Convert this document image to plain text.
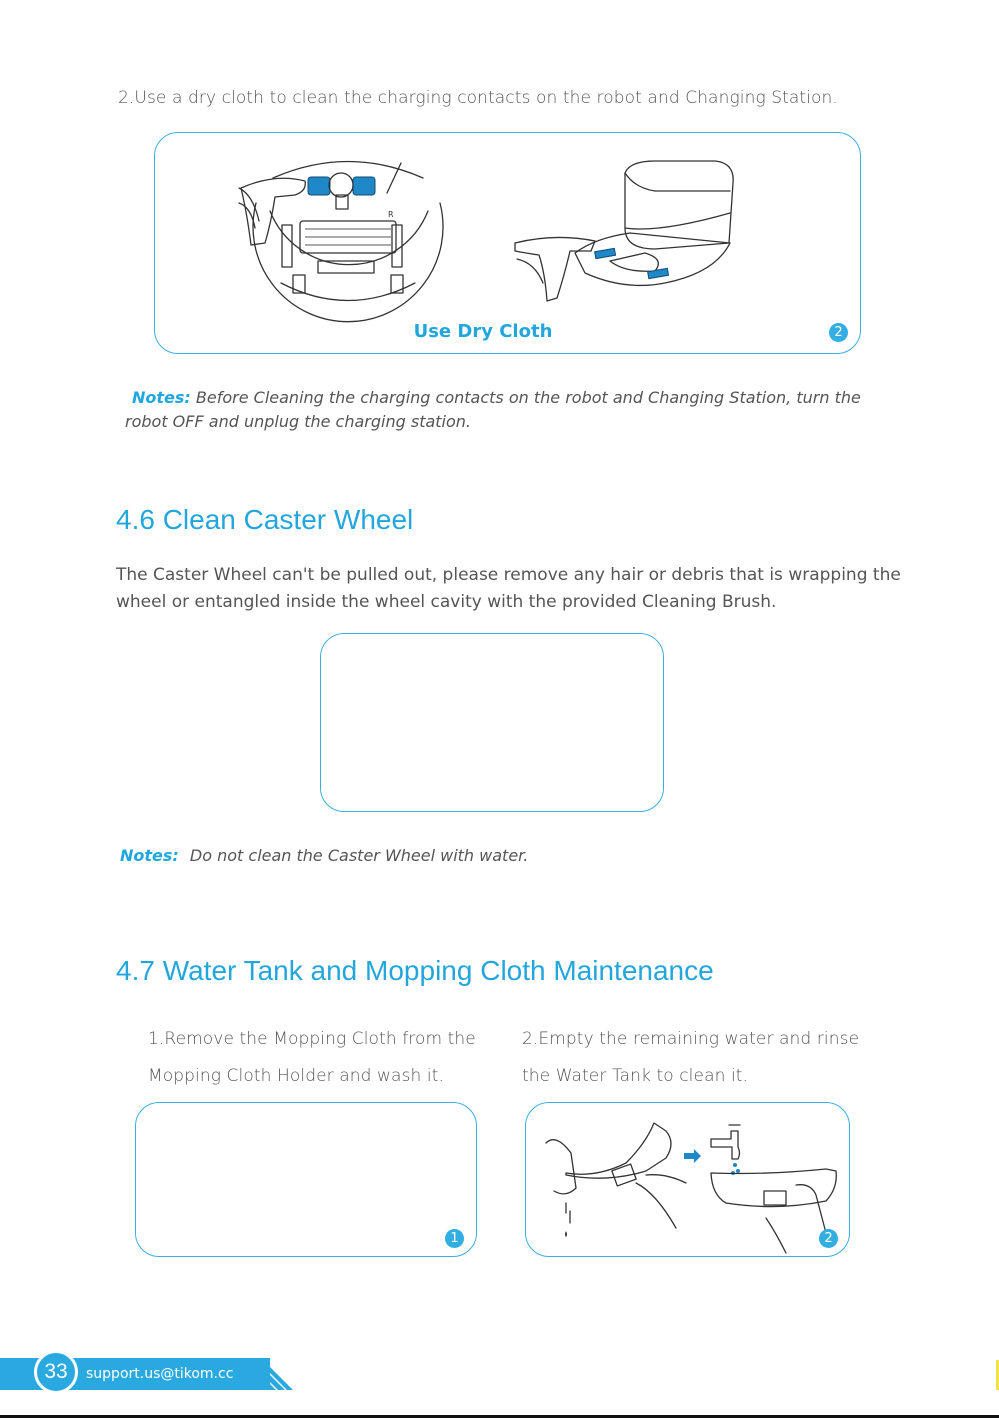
2.Use a dry cloth to clean the charging contacts on the robot and Changing Station.
R
Use Dry Cloth	2
Notes: Before Cleaning the charging contacts on the robot and Changing Station, turn the
robot OFF and unplug the charging station.
4.6 Clean Caster Wheel
The Caster Wheel can't be pulled out, please remove any hair or debris that is wrapping the
wheel or entangled inside the wheel cavity with the provided Cleaning Brush.
Notes: Do not clean the Caster Wheel with water.
4.7 Water Tank and Mopping Cloth Maintenance
1.Remove the Mopping Cloth from the
Mopping Cloth Holder and wash it.
2.Empty the remaining water and rinse
the Water Tank to clean it.
1	2
33	support.us@tikom.cc
